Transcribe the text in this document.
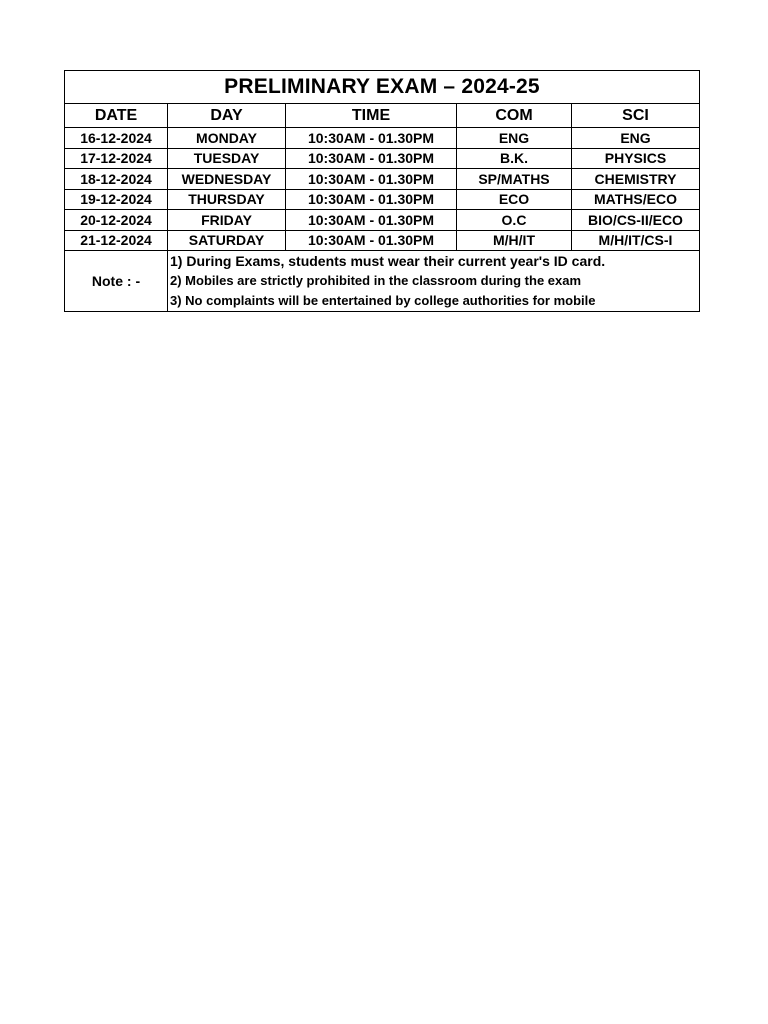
PRELIMINARY EXAM – 2024-25				
DATE	DAY	TIME	COM	SCI
16-12-2024	MONDAY	10:30AM - 01.30PM	ENG	ENG
17-12-2024	TUESDAY	10:30AM - 01.30PM	B.K.	PHYSICS
18-12-2024	WEDNESDAY	10:30AM - 01.30PM	SP/MATHS	CHEMISTRY
19-12-2024	THURSDAY	10:30AM - 01.30PM	ECO	MATHS/ECO
20-12-2024	FRIDAY	10:30AM - 01.30PM	O.C	BIO/CS-II/ECO
21-12-2024	SATURDAY	10:30AM - 01.30PM	M/H/IT	M/H/IT/CS-I
Note : -	1) During Exams, students must wear their current year's ID card.
2) Mobiles are strictly prohibited in the classroom during the exam
3) No complaints will be entertained by college authorities for mobile			
